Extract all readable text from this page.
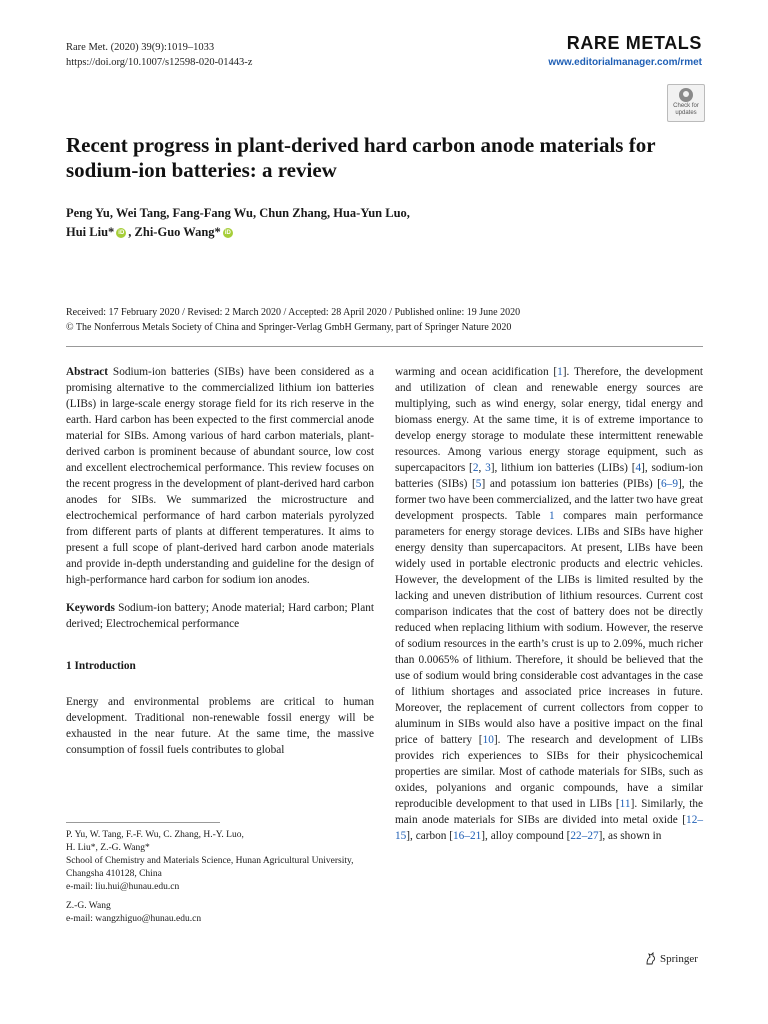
Rare Met. (2020) 39(9):1019–1033
https://doi.org/10.1007/s12598-020-01443-z
RARE METALS
www.editorialmanager.com/rmet
Check for
updates
Recent progress in plant-derived hard carbon anode materials for sodium-ion batteries: a review
Peng Yu, Wei Tang, Fang-Fang Wu, Chun Zhang, Hua-Yun Luo,
Hui Liu* iD , Zhi-Guo Wang* iD
Received: 17 February 2020 / Revised: 2 March 2020 / Accepted: 28 April 2020 / Published online: 19 June 2020
© The Nonferrous Metals Society of China and Springer-Verlag GmbH Germany, part of Springer Nature 2020

Abstract Sodium-ion batteries (SIBs) have been considered as a promising alternative to the commercialized lithium ion batteries (LIBs) in large-scale energy storage field for its rich reserve in the earth. Hard carbon has been expected to the first commercial anode material for SIBs. Among various of hard carbon materials, plant-derived carbon is prominent because of abundant source, low cost and excellent electrochemical performance. This review focuses on the recent progress in the development of plant-derived hard carbon anodes for SIBs. We summarized the microstructure and electrochemical performance of hard carbon materials pyrolyzed from different parts of plants at different temperatures. It aims to present a full scope of plant-derived hard carbon anode materials and provide in-depth understanding and guideline for the design of high-performance hard carbon for sodium ion anodes.

Keywords Sodium-ion battery; Anode material; Hard carbon; Plant derived; Electrochemical performance

1 Introduction

Energy and environmental problems are critical to human development. Traditional non-renewable fossil energy will be exhausted in the near future. At the same time, the massive consumption of fossil fuels contributes to global

warming and ocean acidification [1]. Therefore, the development and utilization of clean and renewable energy sources are multiplying, such as wind energy, solar energy, tidal energy and biomass energy. At the same time, it is of extreme importance to develop energy storage to modulate these intermittent renewable resources. Among various energy storage equipment, such as supercapacitors [2, 3], lithium ion batteries (LIBs) [4], sodium-ion batteries (SIBs) [5] and potassium ion batteries (PIBs) [6–9], the former two have been commercialized, and the latter two have great development prospects. Table 1 compares main performance parameters for energy storage devices. LIBs and SIBs have higher energy density than supercapacitors. At present, LIBs have been widely used in portable electronic products and electric vehicles. However, the development of the LIBs is limited resulted by the lacking and uneven distribution of lithium resources. Current cost comparison indicates that the cost of battery does not be directly reduced when replacing lithium with sodium. However, the reserve of sodium resources in the earth’s crust is up to 2.09%, much richer than 0.0065% of lithium. Therefore, it should be believed that the use of sodium would bring considerable cost advantages in the case of lithium shortages and associated price increases in future. Moreover, the replacement of current collectors from copper to aluminum in SIBs would also have a positive impact on the final price of battery [10]. The research and development of LIBs provides rich experiences to SIBs for their physicochemical properties are similar. Most of cathode materials for SIBs, such as oxides, polyanions and organic compounds, have a similar reproducible development to that used in LIBs [11]. Similarly, the main anode materials for SIBs are divided into metal oxide [12–15], carbon [16–21], alloy compound [22–27], as shown in

P. Yu, W. Tang, F.-F. Wu, C. Zhang, H.-Y. Luo,

H. Liu*, Z.-G. Wang*

School of Chemistry and Materials Science, Hunan Agricultural University, Changsha 410128, China

e-mail: liu.hui@hunau.edu.cn

Z.-G. Wang

e-mail: wangzhiguo@hunau.edu.cn

Springer
